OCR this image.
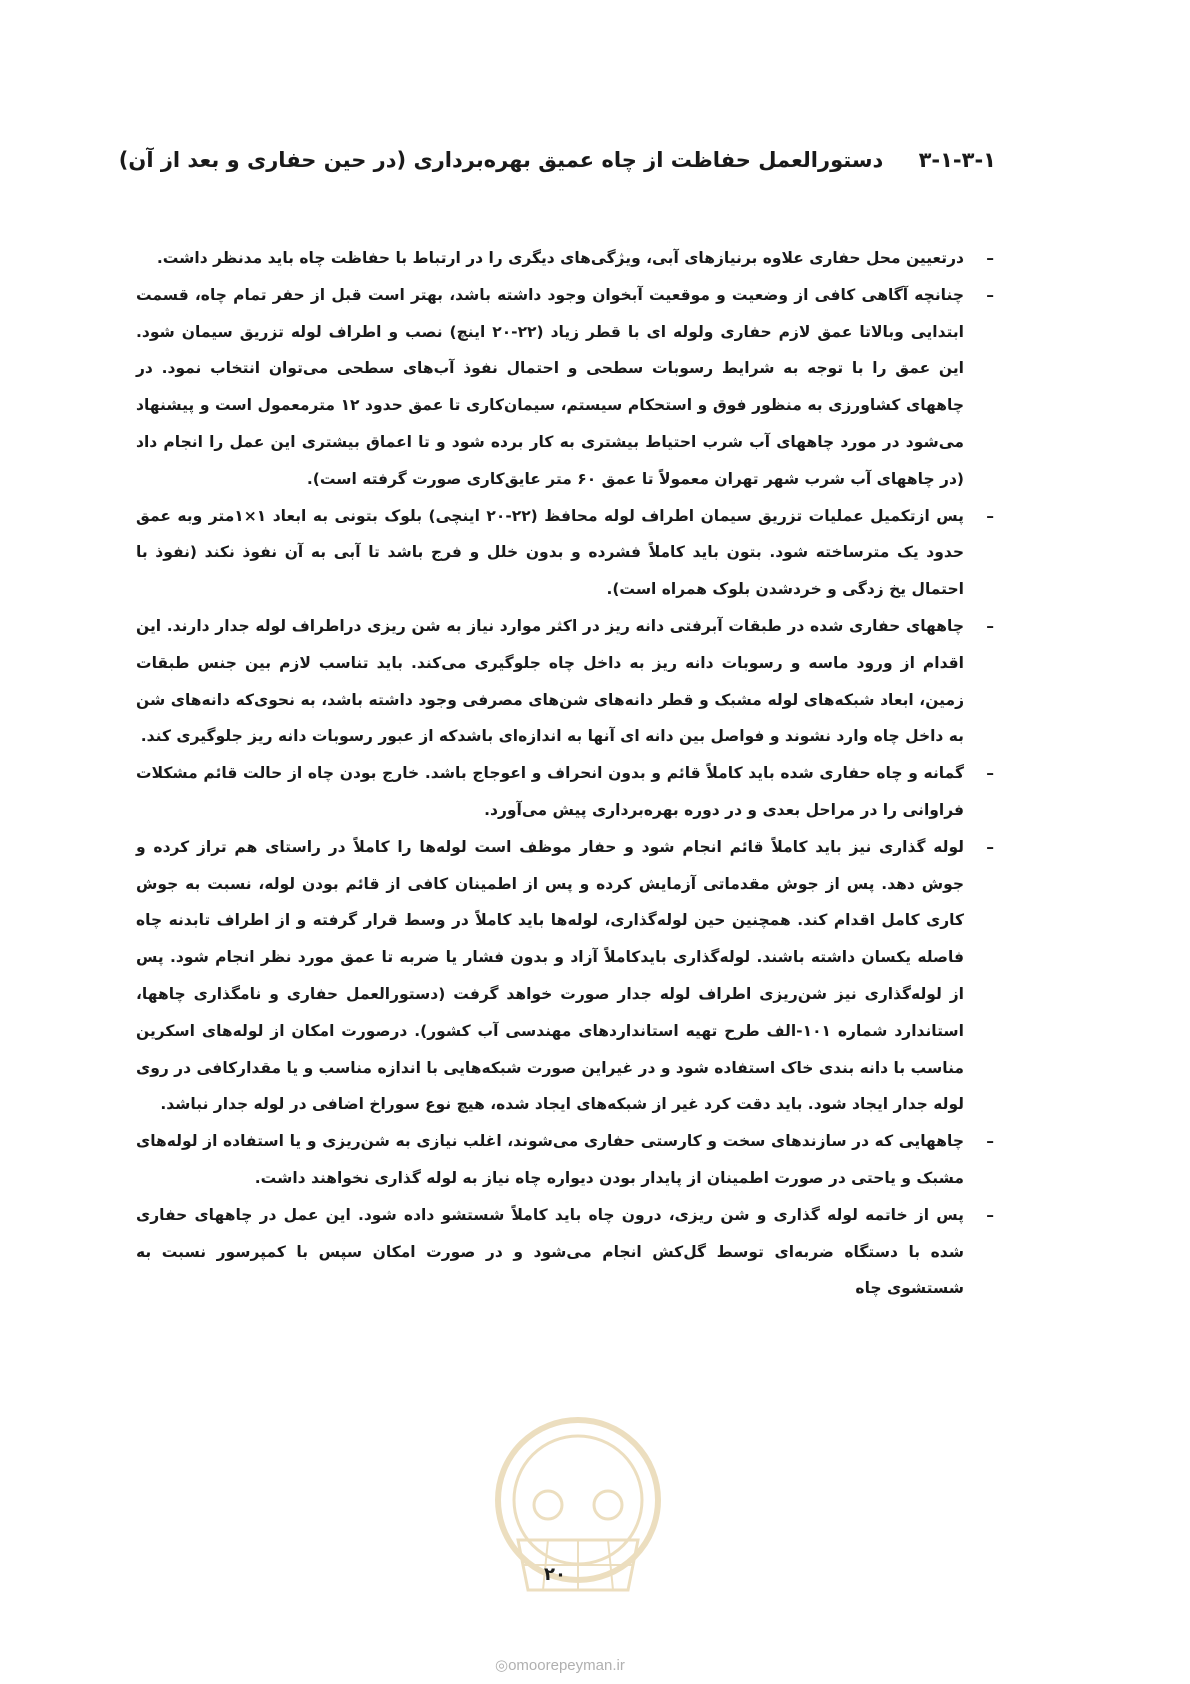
۳-۱-۳-۱ دستورالعمل حفاظت از چاه عمیق بهره‌برداری (در حین حفاری و بعد از آن)

–
درتعیین محل حفاری علاوه برنیازهای آبی، ویژگی‌های دیگری را در ارتباط با حفاظت چاه باید مدنظر داشت.

–
چنانچه آگاهی کافی از وضعیت و موقعیت آبخوان وجود داشته باشد، بهتر است قبل از حفر تمام چاه، قسمت ابتدایی وبالاتا عمق لازم حفاری ولوله ای با قطر زیاد (۲۲-۲۰ اینچ) نصب و اطراف لوله تزریق سیمان شود. این عمق را با توجه به شرایط رسوبات سطحی و احتمال نفوذ آب‌های سطحی می‌توان انتخاب نمود. در چاههای کشاورزی به منظور فوق و استحکام سیستم، سیمان‌کاری تا عمق حدود ۱۲ مترمعمول است و پیشنهاد می‌شود در مورد چاههای آب شرب احتیاط بیشتری به کار برده شود و تا اعماق بیشتری این عمل را انجام داد (در چاههای آب شرب شهر تهران معمولاً تا عمق ۶۰ متر عایق‌کاری صورت گرفته است).

–
پس ازتکمیل عملیات تزریق سیمان اطراف لوله محافظ (۲۲-۲۰ اینچی) بلوک بتونی به ابعاد ۱×۱متر وبه عمق حدود یک مترساخته شود. بتون باید کاملاً فشرده و بدون خلل و فرج باشد تا آبی به آن نفوذ نکند (نفوذ با احتمال یخ زدگی و خردشدن بلوک همراه است).

–
چاههای حفاری شده در طبقات آبرفتی دانه ریز در اکثر موارد نیاز به شن ریزی دراطراف لوله جدار دارند. این اقدام از ورود ماسه و رسوبات دانه ریز به داخل چاه جلوگیری می‌کند. باید تناسب لازم بین جنس طبقات زمین، ابعاد شبکه‌های لوله مشبک و قطر دانه‌های شن‌های مصرفی وجود داشته باشد، به نحوی‌که دانه‌های شن به داخل چاه وارد نشوند و فواصل بین دانه ای آنها به اندازه‌ای باشدکه از عبور رسوبات دانه ریز جلوگیری کند.

–
گمانه و چاه حفاری شده باید کاملاً قائم و بدون انحراف و اعوجاج باشد. خارج بودن چاه از حالت قائم مشکلات فراوانی را در مراحل بعدی و در دوره بهره‌برداری پیش می‌آورد.

–
لوله گذاری نیز باید کاملاً قائم انجام شود و حفار موظف است لوله‌ها را کاملاً در راستای هم تراز کرده و جوش دهد. پس از جوش مقدماتی آزمایش کرده و پس از اطمینان کافی از قائم بودن لوله، نسبت به جوش کاری کامل اقدام کند. همچنین حین لوله‌گذاری، لوله‌ها باید کاملاً در وسط قرار گرفته و از اطراف تابدنه چاه فاصله یکسان داشته باشند. لوله‌گذاری بایدکاملاً آزاد و بدون فشار یا ضربه تا عمق مورد نظر انجام شود. پس از لوله‌گذاری نیز شن‌ریزی اطراف لوله جدار صورت خواهد گرفت (دستورالعمل حفاری و نامگذاری چاهها، استاندارد شماره ۱۰۱-الف طرح تهیه استانداردهای مهندسی آب کشور). درصورت امکان از لوله‌های اسکرین مناسب با دانه بندی خاک استفاده شود و در غیراین صورت شبکه‌هایی با اندازه مناسب و یا مقدارکافی در روی لوله جدار ایجاد شود. باید دقت کرد غیر از شبکه‌های ایجاد شده، هیچ نوع سوراخ اضافی در لوله جدار نباشد.

–
چاههایی که در سازندهای سخت و کارستی حفاری می‌شوند، اغلب نیازی به شن‌ریزی و یا استفاده از لوله‌های مشبک و یاحتی در صورت اطمینان از پایدار بودن دیواره چاه نیاز به لوله گذاری نخواهند داشت.

–
پس از خاتمه لوله گذاری و شن ریزی، درون چاه باید کاملاً شستشو داده شود. این عمل در چاههای حفاری شده با دستگاه ضربه‌ای توسط گل‌کش انجام می‌شود و در صورت امکان سپس با کمپرسور نسبت به شستشوی چاه

۲۰
◎omoorepeyman.ir
